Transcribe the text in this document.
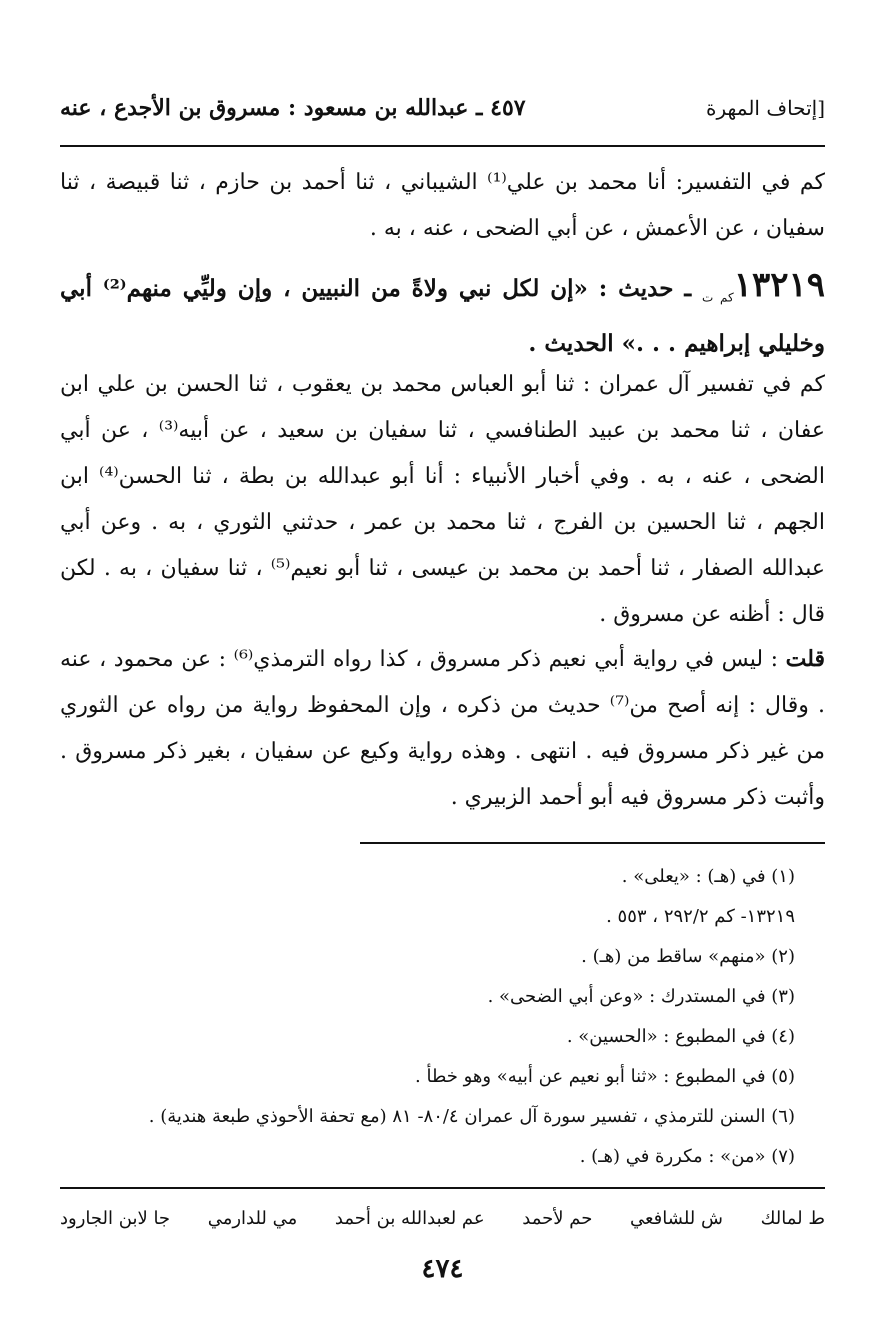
٤٥٧ ـ عبدالله بن مسعود : مسروق بن الأجدع ، عنه	[إتحاف المهرة
كم في التفسير: أنا محمد بن علي⁽¹⁾ الشيباني ، ثنا أحمد بن حازم ، ثنا قبيصة ، ثنا سفيان ، عن الأعمش ، عن أبي الضحى ، عنه ، به .
$١٣٢١٩_{كم ت}$ ـ حديث : «إن لكل نبي ولاةً من النبيين ، وإن وليِّي منهم⁽²⁾ أبي وخليلي إبراهيم . . .» الحديث .
كم في تفسير آل عمران : ثنا أبو العباس محمد بن يعقوب ، ثنا الحسن بن علي ابن عفان ، ثنا محمد بن عبيد الطنافسي ، ثنا سفيان بن سعيد ، عن أبيه⁽³⁾ ، عن أبي الضحى ، عنه ، به . وفي أخبار الأنبياء : أنا أبو عبدالله بن بطة ، ثنا الحسن⁽⁴⁾ ابن الجهم ، ثنا الحسين بن الفرج ، ثنا محمد بن عمر ، حدثني الثوري ، به . وعن أبي عبدالله الصفار ، ثنا أحمد بن محمد بن عيسى ، ثنا أبو نعيم⁽⁵⁾ ، ثنا سفيان ، به . لكن قال : أظنه عن مسروق .
قلت : ليس في رواية أبي نعيم ذكر مسروق ، كذا رواه الترمذي⁽⁶⁾ : عن محمود ، عنه . وقال : إنه أصح من⁽⁷⁾ حديث من ذكره ، وإن المحفوظ رواية من رواه عن الثوري من غير ذكر مسروق فيه . انتهى . وهذه رواية وكيع عن سفيان ، بغير ذكر مسروق . وأثبت ذكر مسروق فيه أبو أحمد الزبيري .
(١) في (هـ) : «يعلى» .
١٣٢١٩- كم ٢٩٢/٢ ، ٥٥٣ .
(٢) «منهم» ساقط من (هـ) .
(٣) في المستدرك : «وعن أبي الضحى» .
(٤) في المطبوع : «الحسين» .
(٥) في المطبوع : «ثنا أبو نعيم عن أبيه» وهو خطأ .
(٦) السنن للترمذي ، تفسير سورة آل عمران ٨٠/٤- ٨١ (مع تحفة الأحوذي طبعة هندية) .
(٧) «من» : مكررة في (هـ) .
ط لمالك
ش للشافعي
حم لأحمد
عم لعبدالله بن أحمد
مي للدارمي
جا لابن الجارود
٤٧٤
